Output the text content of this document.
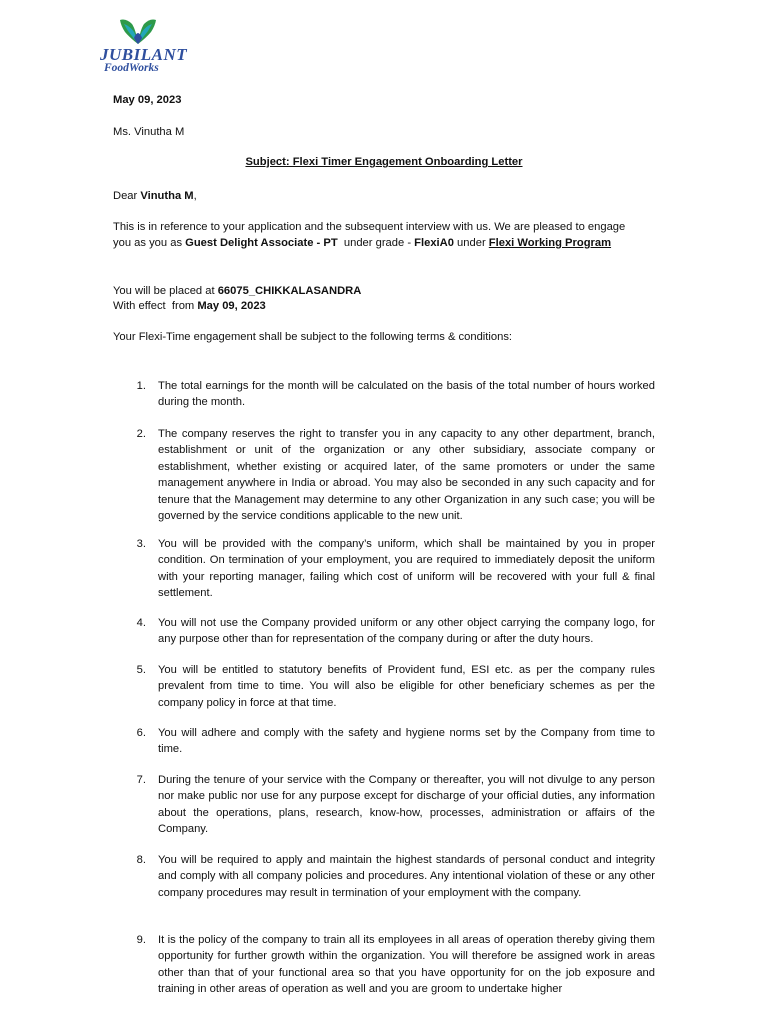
JUBILANT
FoodWorks
May 09, 2023
Ms. Vinutha M
Subject: Flexi Timer Engagement Onboarding Letter
Dear Vinutha M,
This is in reference to your application and the subsequent interview with us. We are pleased to engage
you as you as Guest Delight Associate - PT  under grade - FlexiA0 under Flexi Working Program
You will be placed at 66075_CHIKKALASANDRA
With effect  from May 09, 2023
Your Flexi-Time engagement shall be subject to the following terms & conditions:
1. The total earnings for the month will be calculated on the basis of the total number of hours worked during the month.
2. The company reserves the right to transfer you in any capacity to any other department, branch, establishment or unit of the organization or any other subsidiary, associate company or establishment, whether existing or acquired later, of the same promoters or under the same management anywhere in India or abroad. You may also be seconded in any such capacity and for tenure that the Management may determine to any other Organization in any such case; you will be governed by the service conditions applicable to the new unit.
3. You will be provided with the company’s uniform, which shall be maintained by you in proper condition. On termination of your employment, you are required to immediately deposit the uniform with your reporting manager, failing which cost of uniform will be recovered with your full & final settlement.
4. You will not use the Company provided uniform or any other object carrying the company logo, for any purpose other than for representation of the company during or after the duty hours.
5. You will be entitled to statutory benefits of Provident fund, ESI etc. as per the company rules prevalent from time to time. You will also be eligible for other beneficiary schemes as per the company policy in force at that time.
6. You will adhere and comply with the safety and hygiene norms set by the Company from time to time.
7. During the tenure of your service with the Company or thereafter, you will not divulge to any person nor make public nor use for any purpose except for discharge of your official duties, any information about the operations, plans, research, know-how, processes, administration or affairs of the Company.
8. You will be required to apply and maintain the highest standards of personal conduct and integrity and comply with all company policies and procedures. Any intentional violation of these or any other company procedures may result in termination of your employment with the company.
9. It is the policy of the company to train all its employees in all areas of operation thereby giving them opportunity for further growth within the organization. You will therefore be assigned work in areas other than that of your functional area so that you have opportunity for on the job exposure and training in other areas of operation as well and you are groom to undertake higher
